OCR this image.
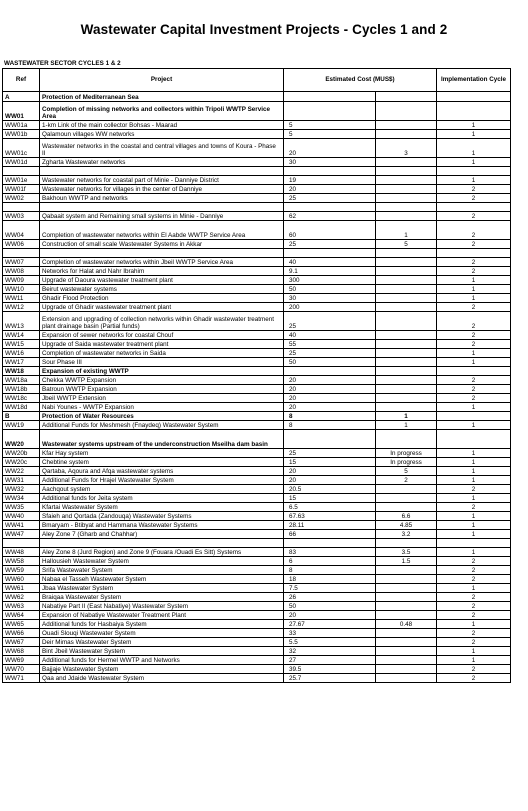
Wastewater Capital Investment Projects - Cycles 1 and 2
WASTEWATER SECTOR CYCLES 1 & 2
Ref	Project	Estimated Cost (MUS$)		Implementation Cycle
A	Protection of Mediterranean Sea			
WW01	Completion of missing networks and collectors within Tripoli WWTP Service Area			
WW01a	1-km Link of the main collector Bohsas - Maarad	5		1
WW01b	Qalamoun villages WW networks	5		1
WW01c	Wastewater networks in the coastal and central villages and towns of Koura - Phase II	20	3	1
WW01d	Zgharta Wastewater networks	30		1

WW01e	Wastewater networks for coastal part of Minie - Danniye District	19		1
WW01f	Wastewater networks for villages in the center of Danniye	20		2
WW02	Bakhoun WWTP and networks	25		2

WW03	Qabaait system and Remaining small systems in Minie - Danniye	62		2
WW04	Completion of wastewater networks within El Aabde WWTP Service Area	60	1	2
WW06	Construction of small scale Wastewater Systems in Akkar	25	5	2

WW07	Completion of wastewater networks within Jbeil WWTP Service Area	40		2
WW08	Networks for Halat and Nahr Ibrahim	9.1		2
WW09	Upgrade of Daoura wastewater treatment plant	300		1
WW10	Beirut wastewater systems	50		1
WW11	Ghadir Flood Protection	30		1
WW12	Upgrade of Ghadir wastewater treatment plant	200		2
WW13	Extension and upgrading of collection networks within Ghadir wastewater treatment plant drainage basin (Partial funds)	25		2
WW14	Expansion of sewer networks for coastal Chouf	40		2
WW15	Upgrade of Saida wastewater treatment plant	55		2
WW16	Completion of wastewater networks in Saida	25		1
WW17	Sour Phase III	50		1
WW18	Expansion of existing WWTP			
WW18a	Chekka WWTP Expansion	20		2
WW18b	Batroun WWTP Expansion	20		2
WW18c	Jbeil WWTP Extension	20		2
WW18d	Nabi Younes - WWTP Expansion	20		1
B	Protection of Water Resources	8	1	
WW19	Additional Funds for Meshmesh (Fnaydeq) Wastewater System	8	1	1
WW20	Wastewater systems upstream of the underconstruction Mseilha dam basin			
WW20b	Kfar Hay system	25	In progress	1
WW20c	Chebtine system	15	In progress	1
WW22	Qartaba, Aqoura and Afqa wastewater systems	20	5	1
WW31	Additional Funds for Hrajel Wastewater System	20	2	1
WW32	Aachqout system	20.5		2
WW34	Additional funds for Jeita system	15		1
WW35	Kfartai Wastewater System	6.5		2
WW40	Sfaieh and Qortada (Zandouqa) Wastewater Systems	67.63	6.6	1
WW41	Bmaryam - Btibyat and Hammana Wastewater Systems	28.11	4.85	1
WW47	Aley Zone 7 (Gharb and Chahhar)	66	3.2	1

WW48	Aley Zone 8 (Jurd Region) and Zone 9 (Fouara /Ouadi Es Sitt) Systems	83	3.5	1
WW58	Hallousieh Wastewater System	6	1.5	2
WW59	Srifa Wastewater System	8		2
WW60	Nabaa el Tasseh Wastewater System	18		2
WW61	Jbaa Wastewater System	7.5		1
WW62	Braiqaa Wastewater System	26		2
WW63	Nabatiye Part II (East Nabatiye) Wastewater System	50		2
WW64	Expansion of Nabatiye Wastewater Treatment Plant	20		2
WW65	Additional funds for Hasbaiya System	27.67	0.48	1
WW66	Ouadi Slouqi Wastewater System	33		2
WW67	Deir Mimas Wastewater System	5.5		2
WW68	Bint Jbeil Wastewater System	32		1
WW69	Additional funds for Hermel WWTP and Networks	27		1
WW70	Bajjaje Wastewater System	39.5		2
WW71	Qaa and Jdaide Wastewater System	25.7		2
